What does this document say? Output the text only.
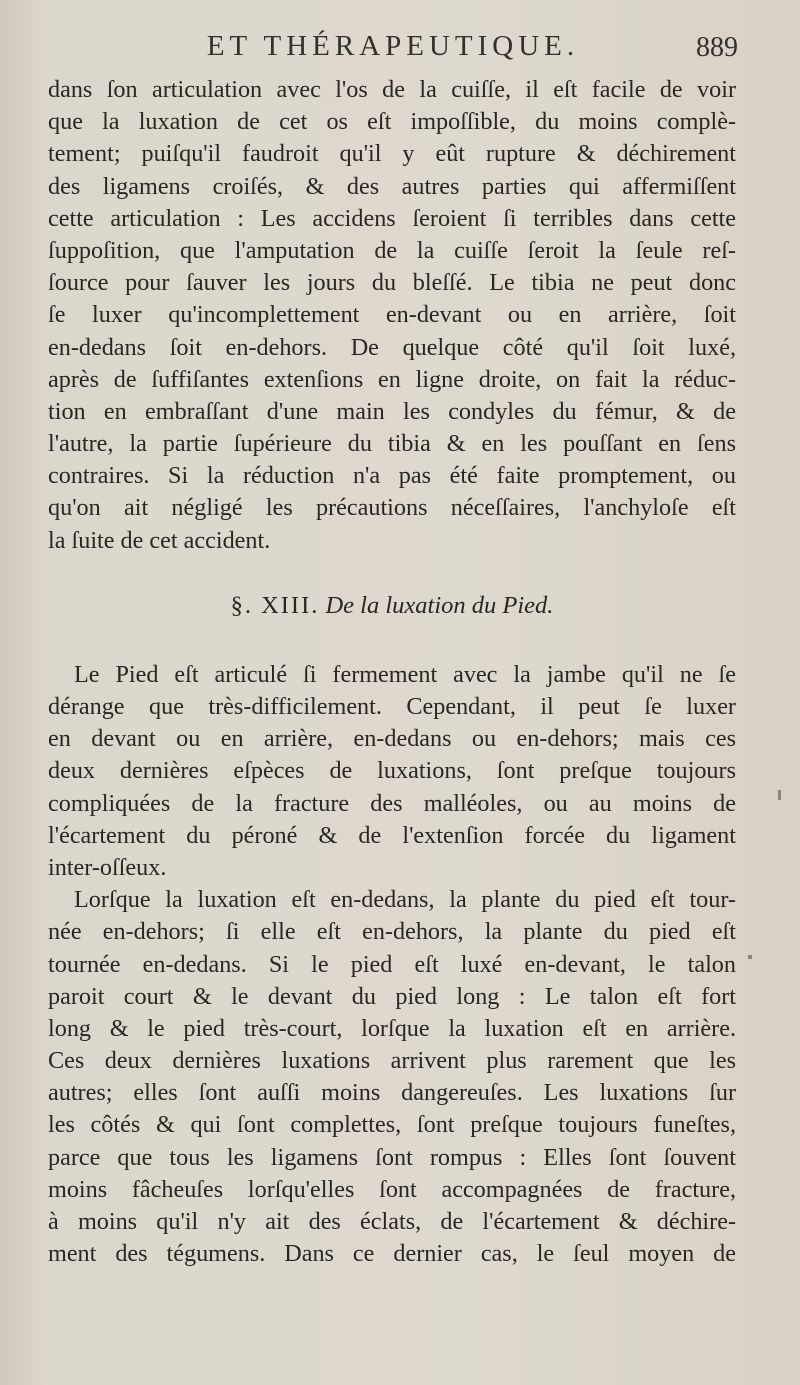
ET THÉRAPEUTIQUE.	889
dans ſon articulation avec l'os de la cuiſſe, il eſt facile de voir
que la luxation de cet os eſt impoſſible, du moins complè-
tement; puiſqu'il faudroit qu'il y eût rupture & déchirement
des ligamens croiſés, & des autres parties qui affermiſſent
cette articulation : Les accidens ſeroient ſi terribles dans cette
ſuppoſition, que l'amputation de la cuiſſe ſeroit la ſeule reſ-
ſource pour ſauver les jours du bleſſé. Le tibia ne peut donc
ſe luxer qu'incomplettement en-devant ou en arrière, ſoit
en-dedans ſoit en-dehors. De quelque côté qu'il ſoit luxé,
après de ſuffiſantes extenſions en ligne droite, on fait la réduc-
tion en embraſſant d'une main les condyles du fémur, & de
l'autre, la partie ſupérieure du tibia & en les pouſſant en ſens
contraires. Si la réduction n'a pas été faite promptement, ou
qu'on ait négligé les précautions néceſſaires, l'anchyloſe eſt
la ſuite de cet accident.
§. XIII. De la luxation du Pied.
Le Pied eſt articulé ſi fermement avec la jambe qu'il ne ſe
dérange que très-difficilement. Cependant, il peut ſe luxer
en devant ou en arrière, en-dedans ou en-dehors; mais ces
deux dernières eſpèces de luxations, ſont preſque toujours
compliquées de la fracture des malléoles, ou au moins de
l'écartement du péroné & de l'extenſion forcée du ligament
inter-oſſeux.
Lorſque la luxation eſt en-dedans, la plante du pied eſt tour-
née en-dehors; ſi elle eſt en-dehors, la plante du pied eſt
tournée en-dedans. Si le pied eſt luxé en-devant, le talon
paroit court & le devant du pied long : Le talon eſt fort
long & le pied très-court, lorſque la luxation eſt en arrière.
Ces deux dernières luxations arrivent plus rarement que les
autres; elles ſont auſſi moins dangereuſes. Les luxations ſur
les côtés & qui ſont complettes, ſont preſque toujours funeſtes,
parce que tous les ligamens ſont rompus : Elles ſont ſouvent
moins fâcheuſes lorſqu'elles ſont accompagnées de fracture,
à moins qu'il n'y ait des éclats, de l'écartement & déchire-
ment des tégumens. Dans ce dernier cas, le ſeul moyen de
